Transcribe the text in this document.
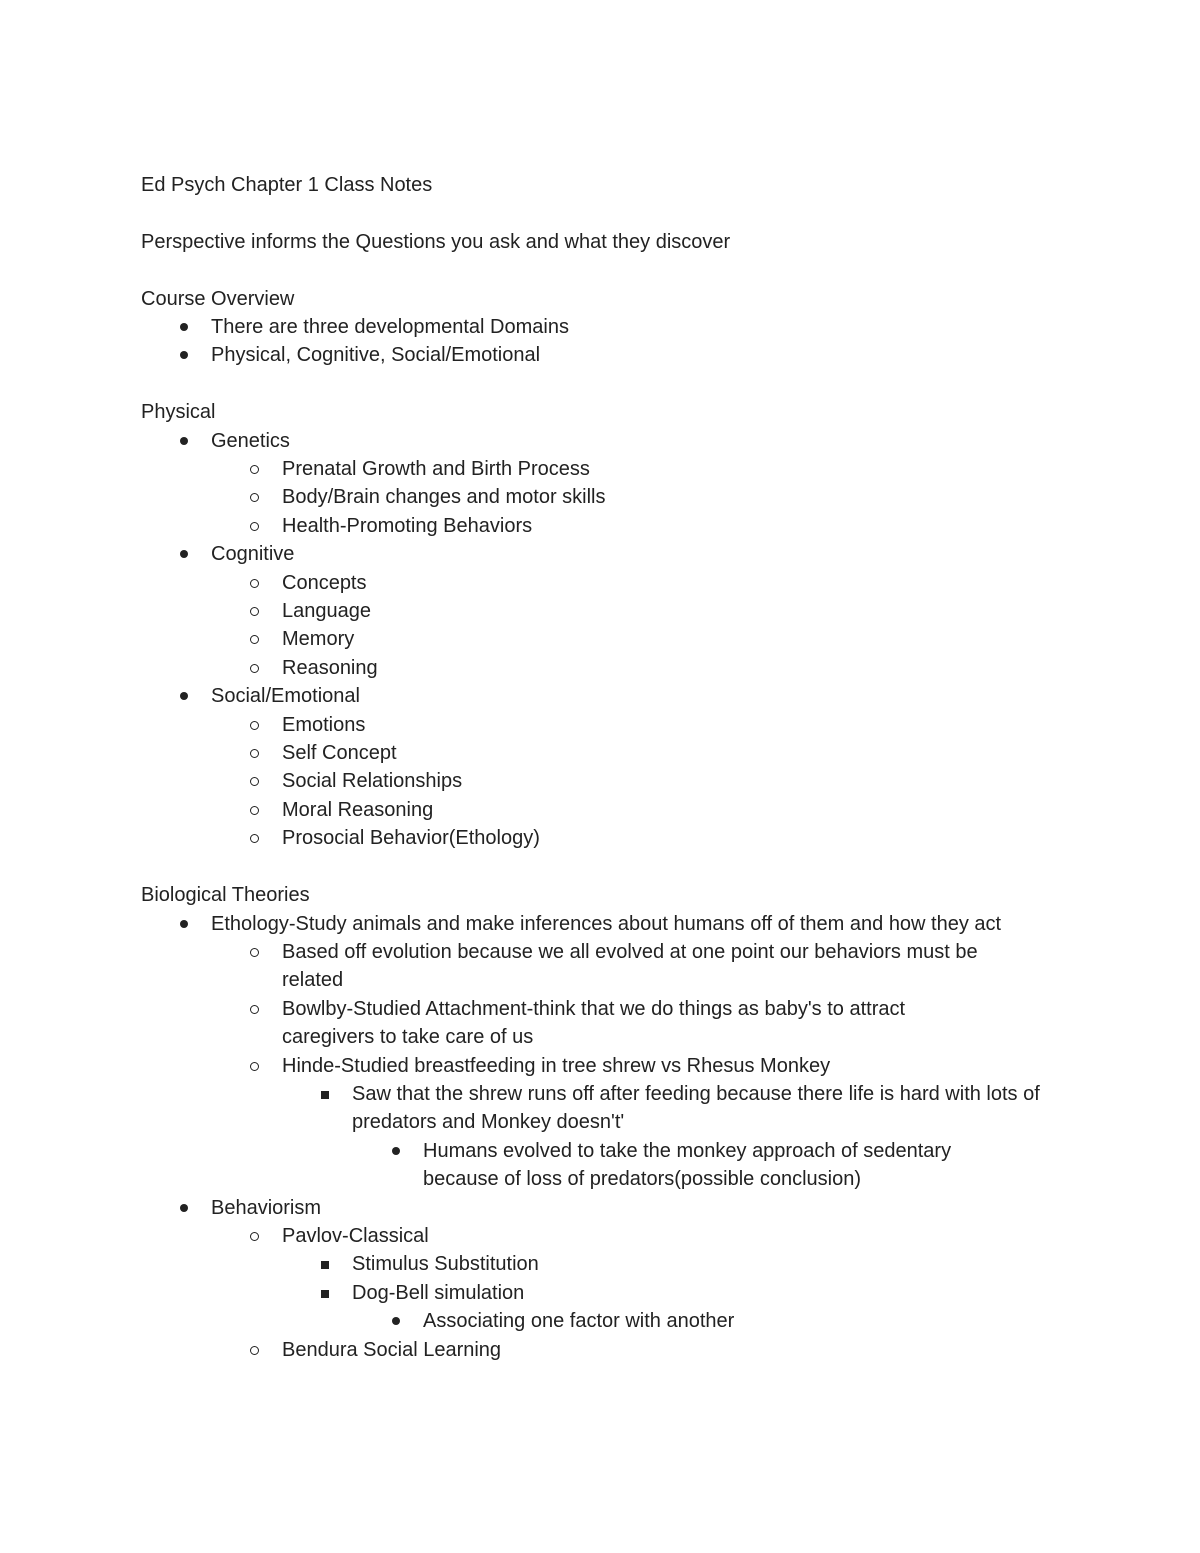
Ed Psych Chapter 1 Class Notes

Perspective informs the Questions you ask and what they discover

Course Overview

There are three developmental Domains
Physical, Cognitive, Social/Emotional

Physical

Genetics
Prenatal Growth and Birth Process
Body/Brain changes and motor skills
Health-Promoting Behaviors
Cognitive
Concepts
Language
Memory
Reasoning
Social/Emotional
Emotions
Self Concept
Social Relationships
Moral Reasoning
Prosocial Behavior(Ethology)

Biological Theories

Ethology-Study animals and make inferences about humans off of them and how they act
Based off evolution because we all evolved at one point our behaviors must be related
Bowlby-Studied Attachment-think that we do things as baby's to attract caregivers to take care of us
Hinde-Studied breastfeeding in tree shrew vs Rhesus Monkey
Saw that the shrew runs off after feeding because there life is hard with lots of predators and Monkey doesn't'
Humans evolved to take the monkey approach of sedentary because of loss of predators(possible conclusion)
Behaviorism
Pavlov-Classical
Stimulus Substitution
Dog-Bell simulation
Associating one factor with another
Bendura Social Learning
